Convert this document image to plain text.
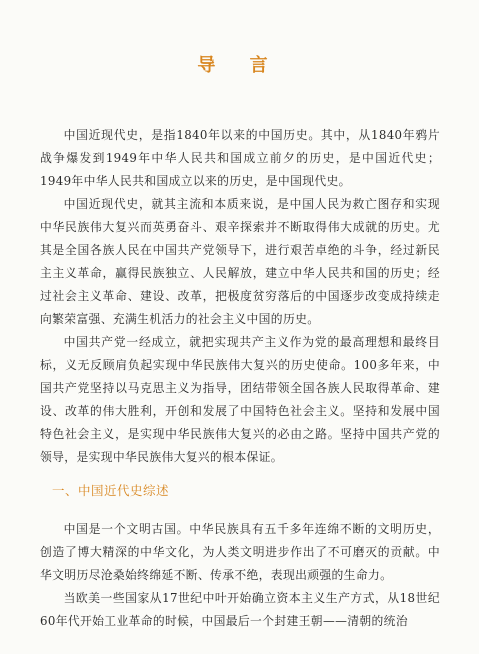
导 言

中国近现代史，是指1840年以来的中国历史。其中，从1840年鸦片战争爆发到1949年中华人民共和国成立前夕的历史，是中国近代史；1949年中华人民共和国成立以来的历史，是中国现代史。

中国近现代史，就其主流和本质来说，是中国人民为救亡图存和实现中华民族伟大复兴而英勇奋斗、艰辛探索并不断取得伟大成就的历史。尤其是全国各族人民在中国共产党领导下，进行艰苦卓绝的斗争，经过新民主主义革命，赢得民族独立、人民解放，建立中华人民共和国的历史；经过社会主义革命、建设、改革，把极度贫穷落后的中国逐步改变成持续走向繁荣富强、充满生机活力的社会主义中国的历史。

中国共产党一经成立，就把实现共产主义作为党的最高理想和最终目标，义无反顾肩负起实现中华民族伟大复兴的历史使命。100多年来，中国共产党坚持以马克思主义为指导，团结带领全国各族人民取得革命、建设、改革的伟大胜利，开创和发展了中国特色社会主义。坚持和发展中国特色社会主义，是实现中华民族伟大复兴的必由之路。坚持中国共产党的领导，是实现中华民族伟大复兴的根本保证。

一、中国近代史综述

中国是一个文明古国。中华民族具有五千多年连绵不断的文明历史，创造了博大精深的中华文化，为人类文明进步作出了不可磨灭的贡献。中华文明历尽沧桑始终绵延不断、传承不绝，表现出顽强的生命力。

当欧美一些国家从17世纪中叶开始确立资本主义生产方式，从18世纪60年代开始工业革命的时候，中国最后一个封建王朝——清朝的统治
